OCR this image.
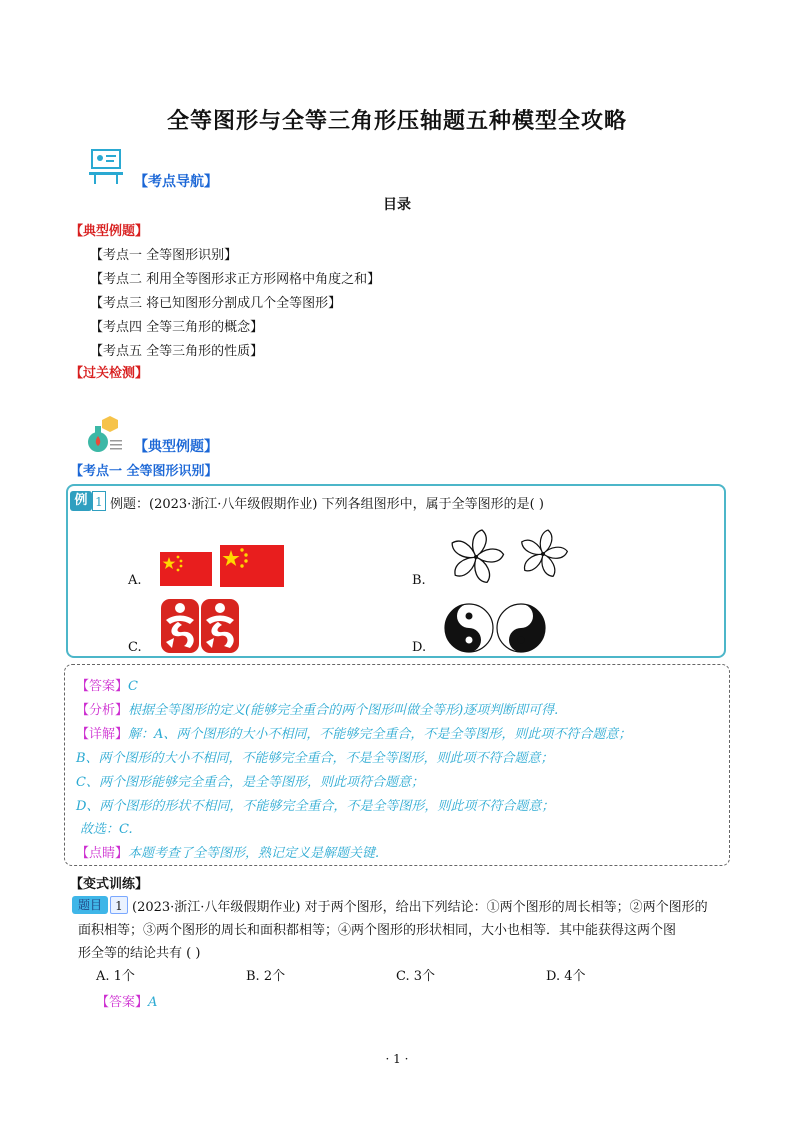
全等图形与全等三角形压轴题五种模型全攻略
【考点导航】
目录
【典型例题】
【考点一 全等图形识别】
【考点二 利用全等图形求正方形网格中角度之和】
【考点三 将已知图形分割成几个全等图形】
【考点四 全等三角形的概念】
【考点五 全等三角形的性质】
【过关检测】
【典型例题】
【考点一 全等图形识别】
例 1 例题：(2023·浙江·八年级假期作业) 下列各组图形中，属于全等图形的是( )
A.	B.
C.	D.
【答案】C
【分析】根据全等图形的定义(能够完全重合的两个图形叫做全等形)逐项判断即可得.
【详解】解：A、两个图形的大小不相同，不能够完全重合，不是全等图形，则此项不符合题意；
B、两个图形的大小不相同，不能够完全重合，不是全等图形，则此项不符合题意；
C、两个图形能够完全重合，是全等图形，则此项符合题意；
D、两个图形的形状不相同，不能够完全重合，不是全等图形，则此项不符合题意；
故选：C.
【点睛】本题考查了全等图形，熟记定义是解题关键.
【变式训练】
题目	1 (2023·浙江·八年级假期作业) 对于两个图形，给出下列结论：①两个图形的周长相等；②两个图形的
面积相等；③两个图形的周长和面积都相等；④两个图形的形状相同，大小也相等．其中能获得这两个图
形全等的结论共有 ( )
A. 1个	B. 2个	C. 3个	D. 4个
【答案】A
· 1 ·
